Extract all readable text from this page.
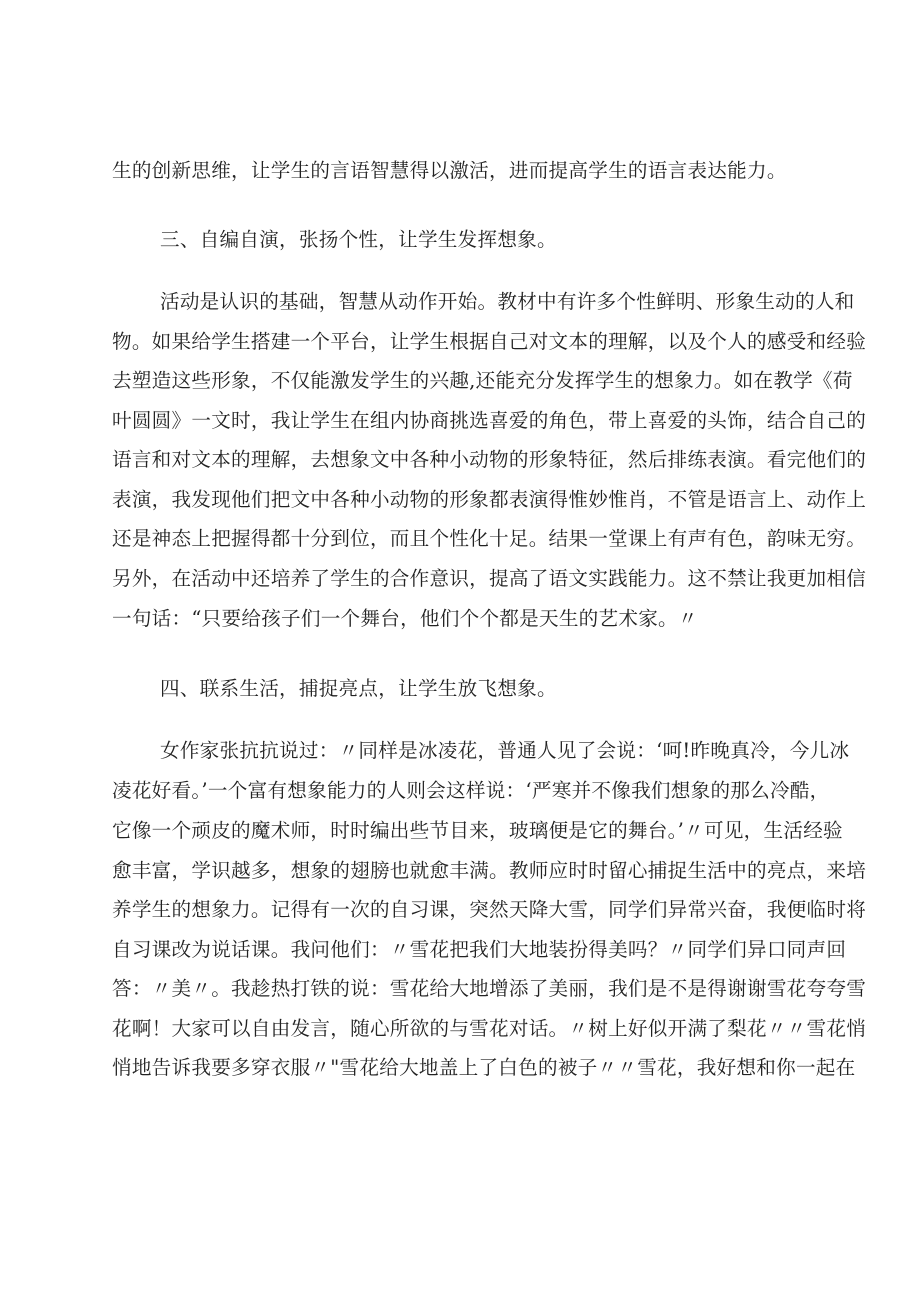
生的创新思维，让学生的言语智慧得以激活，进而提高学生的语言表达能力。
三、自编自演，张扬个性，让学生发挥想象。
活动是认识的基础，智慧从动作开始。教材中有许多个性鲜明、形象生动的人和
物。如果给学生搭建一个平台，让学生根据自己对文本的理解，以及个人的感受和经验
去塑造这些形象，不仅能激发学生的兴趣,还能充分发挥学生的想象力。如在教学《荷
叶圆圆》一文时，我让学生在组内协商挑选喜爱的角色，带上喜爱的头饰，结合自己的
语言和对文本的理解，去想象文中各种小动物的形象特征，然后排练表演。看完他们的
表演，我发现他们把文中各种小动物的形象都表演得惟妙惟肖，不管是语言上、动作上
还是神态上把握得都十分到位，而且个性化十足。结果一堂课上有声有色，韵味无穷。
另外，在活动中还培养了学生的合作意识，提高了语文实践能力。这不禁让我更加相信
一句话：“只要给孩子们一个舞台，他们个个都是天生的艺术家。〃
四、联系生活，捕捉亮点，让学生放飞想象。
女作家张抗抗说过：〃同样是冰凌花，普通人见了会说：‘呵!昨晚真冷，今儿冰
凌花好看。’一个富有想象能力的人则会这样说：‘严寒并不像我们想象的那么冷酷，
它像一个顽皮的魔术师，时时编出些节目来，玻璃便是它的舞台。’〃可见，生活经验
愈丰富，学识越多，想象的翅膀也就愈丰满。教师应时时留心捕捉生活中的亮点，来培
养学生的想象力。记得有一次的自习课，突然天降大雪，同学们异常兴奋，我便临时将
自习课改为说话课。我问他们：〃雪花把我们大地装扮得美吗？〃同学们异口同声回
答：〃美〃。我趁热打铁的说：雪花给大地增添了美丽，我们是不是得谢谢雪花夸夸雪
花啊！大家可以自由发言，随心所欲的与雪花对话。〃树上好似开满了梨花〃〃雪花悄
悄地告诉我要多穿衣服〃"雪花给大地盖上了白色的被子〃〃雪花，我好想和你一起在
